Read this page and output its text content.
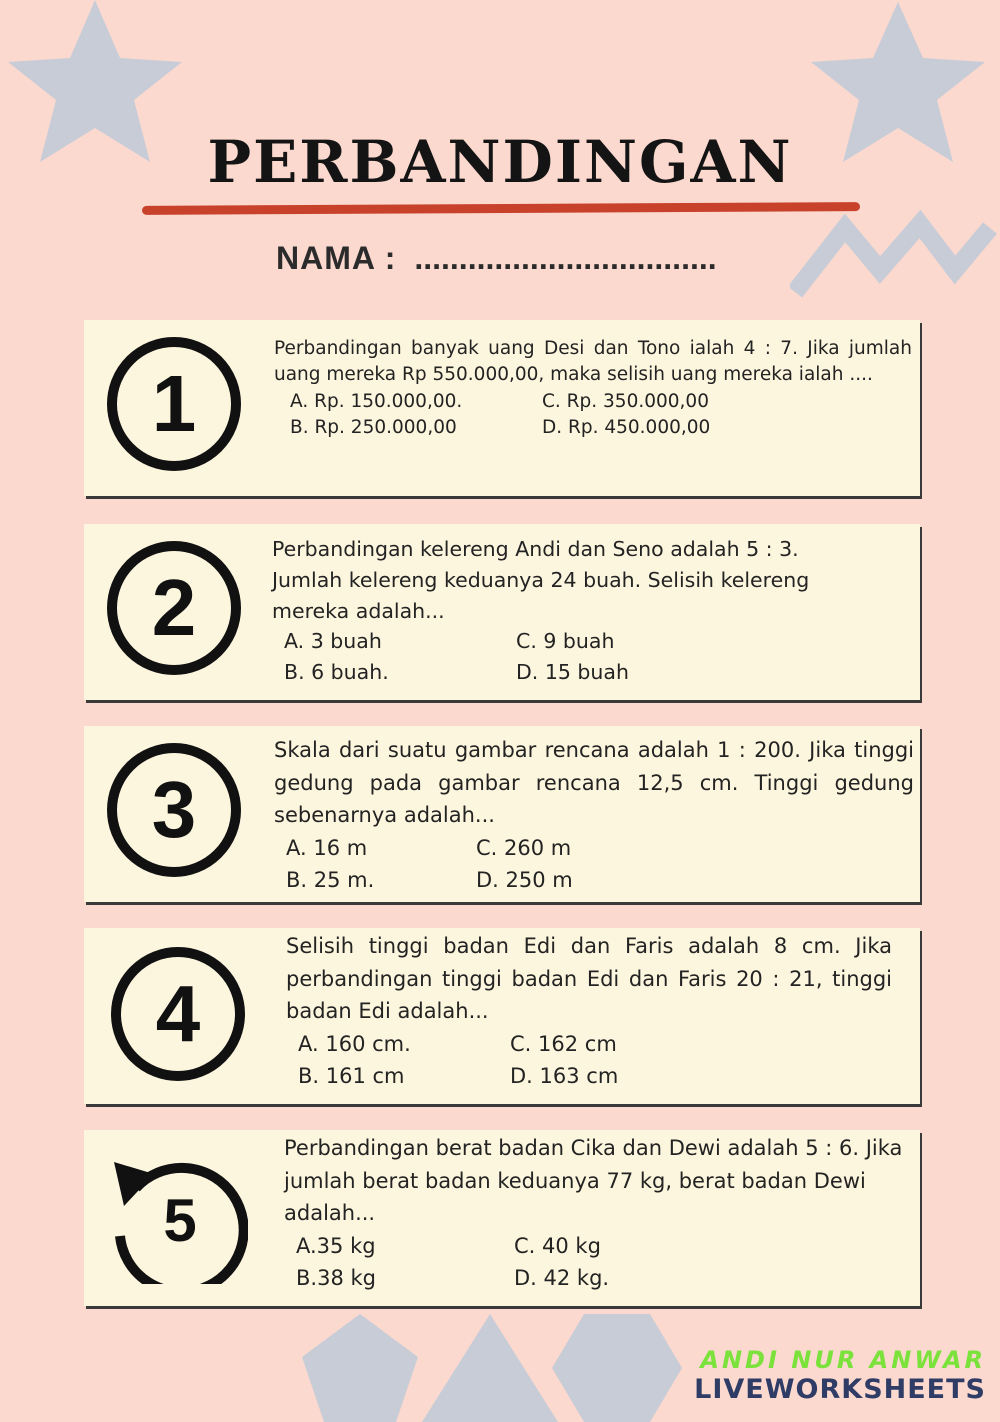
PERBANDINGAN
NAMA : ..................................
1
Perbandingan banyak uang Desi dan Tono ialah 4 : 7. Jika jumlah uang mereka Rp 550.000,00, maka selisih uang mereka ialah ....
A. Rp. 150.000,00.	C. Rp. 350.000,00
B. Rp. 250.000,00	D. Rp. 450.000,00
2
Perbandingan kelereng Andi dan Seno adalah 5 : 3. Jumlah kelereng keduanya 24 buah. Selisih kelereng mereka adalah...
A. 3 buah	C. 9 buah
B. 6 buah.	D. 15 buah
3
Skala dari suatu gambar rencana adalah 1 : 200. Jika tinggi gedung pada gambar rencana 12,5 cm. Tinggi gedung sebenarnya adalah...
A. 16 m	C. 260 m
B. 25 m.	D. 250 m
4
Selisih tinggi badan Edi dan Faris adalah 8 cm. Jika perbandingan tinggi badan Edi dan Faris 20 : 21, tinggi badan Edi adalah...
A. 160 cm.	C. 162 cm
B. 161 cm	D. 163 cm
5
Perbandingan berat badan Cika dan Dewi adalah 5 : 6. Jika jumlah berat badan keduanya 77 kg, berat badan Dewi adalah...
A.35 kg	C. 40 kg
B.38 kg	D. 42 kg.
ANDI NUR ANWAR
LIVEWORKSHEETS
